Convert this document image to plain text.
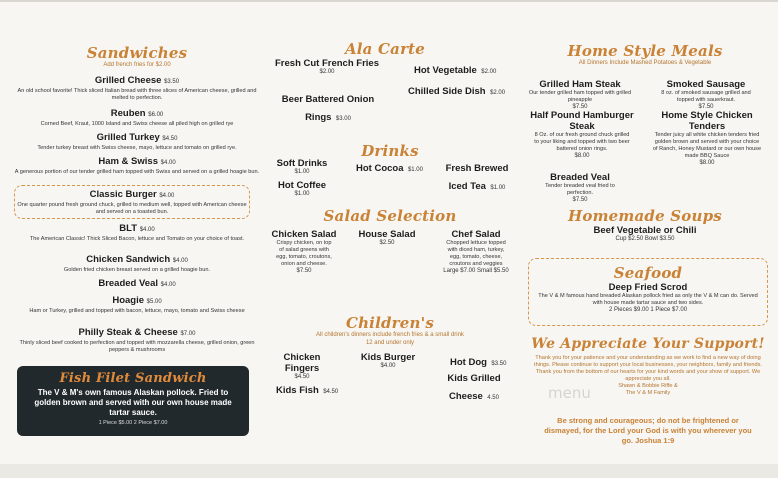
Sandwiches
Add french fries for $2.00
Grilled Cheese $3.50
An old school favorite! Thick sliced Italian bread with three slices of American cheese, grilled and melted to perfection.
Reuben $6.00
Corned Beef, Kraut, 1000 Island and Swiss cheese all piled high on grilled rye
Grilled Turkey $4.50
Tender turkey breast with Swiss cheese, mayo, lettuce and tomato on grilled rye.
Ham & Swiss $4.00
A generous portion of our tender grilled ham topped with Swiss and served on a grilled hoagie bun.
Classic Burger $4.00
One quarter pound fresh ground chuck, grilled to medium well, topped with American cheese and served on a toasted bun.
BLT $4.00
The American Classic! Thick Sliced Bacon, lettuce and Tomato on your choice of toast.
Chicken Sandwich $4.00
Golden fried chicken breast served on a grilled hoagie bun.
Breaded Veal $4.00
Hoagie $5.00
Ham or Turkey, grilled and topped with bacon, lettuce, mayo, tomato and Swiss cheese
Philly Steak & Cheese $7.00
Thinly sliced beef cooked to perfection and topped with mozzarella cheese, grilled onion, green peppers & mushrooms
Fish Filet Sandwich
The V & M's own famous Alaskan pollock. Fried to golden brown and served with our own house made tartar sauce.
1 Piece $5.00 2 Piece $7.00
Ala Carte
Fresh Cut French Fries
$2.00	Hot Vegetable $2.00
Chilled Side Dish $2.00
Beer Battered Onion Rings $3.00
Drinks
Soft Drinks
$1.00	Hot Cocoa $1.00	Fresh Brewed Iced Tea $1.00
Hot Coffee
$1.00
Salad Selection
Chicken Salad
Crispy chicken, on top of salad greens with egg, tomato, croutons, onion and cheese.
$7.50
House Salad
$2.50
Chef Salad
Chopped lettuce topped with diced ham, turkey, egg, tomato, cheese, croutons and veggies
Large $7.00 Small $5.50
Children's
All children's dinners include french fries & a small drink
12 and under only
Chicken Fingers
$4.50
Kids Burger
$4.00	Hot Dog $3.50
Kids Fish $4.50
Kids Grilled Cheese 4.50
Home Style Meals
All Dinners Include Mashed Potatoes & Vegetable
Grilled Ham Steak
Our tender grilled ham topped with grilled pineapple
$7.50
Smoked Sausage
8 oz. of smoked sausage grilled and topped with sauerkraut.
$7.50
Half Pound Hamburger Steak
8 Oz. of our fresh ground chuck grilled to your liking and topped with two beer battered onion rings.
$8.00
Home Style Chicken Tenders
Tender juicy all white chicken tenders fried golden brown and served with your choice of Ranch, Honey Mustard or our own house made BBQ Sauce
$8.00
Breaded Veal
Tender breaded veal fried to perfection.
$7.50
Homemade Soups
Beef Vegetable or Chili
Cup $2.50 Bowl $3.50
Seafood
Deep Fried Scrod
The V & M famous hand breaded Alaskan pollock fried as only the V & M can do. Served with house made tartar sauce and two sides.
2 Pieces $9.00 1 Piece $7.00
We Appreciate Your Support!
Thank you for your patience and your understanding as we work to find a new way of doing things. Please continue to support your local businesses, your neighbors, family and friends. Thank you from the bottom of our hearts for your kind words and your show of support. We appreciate you all.
Shawn & Bobbie Riffe &
The V & M Family
menu
Be strong and courageous; do not be frightened or dismayed, for the Lord your God is with you wherever you go. Joshua 1:9
